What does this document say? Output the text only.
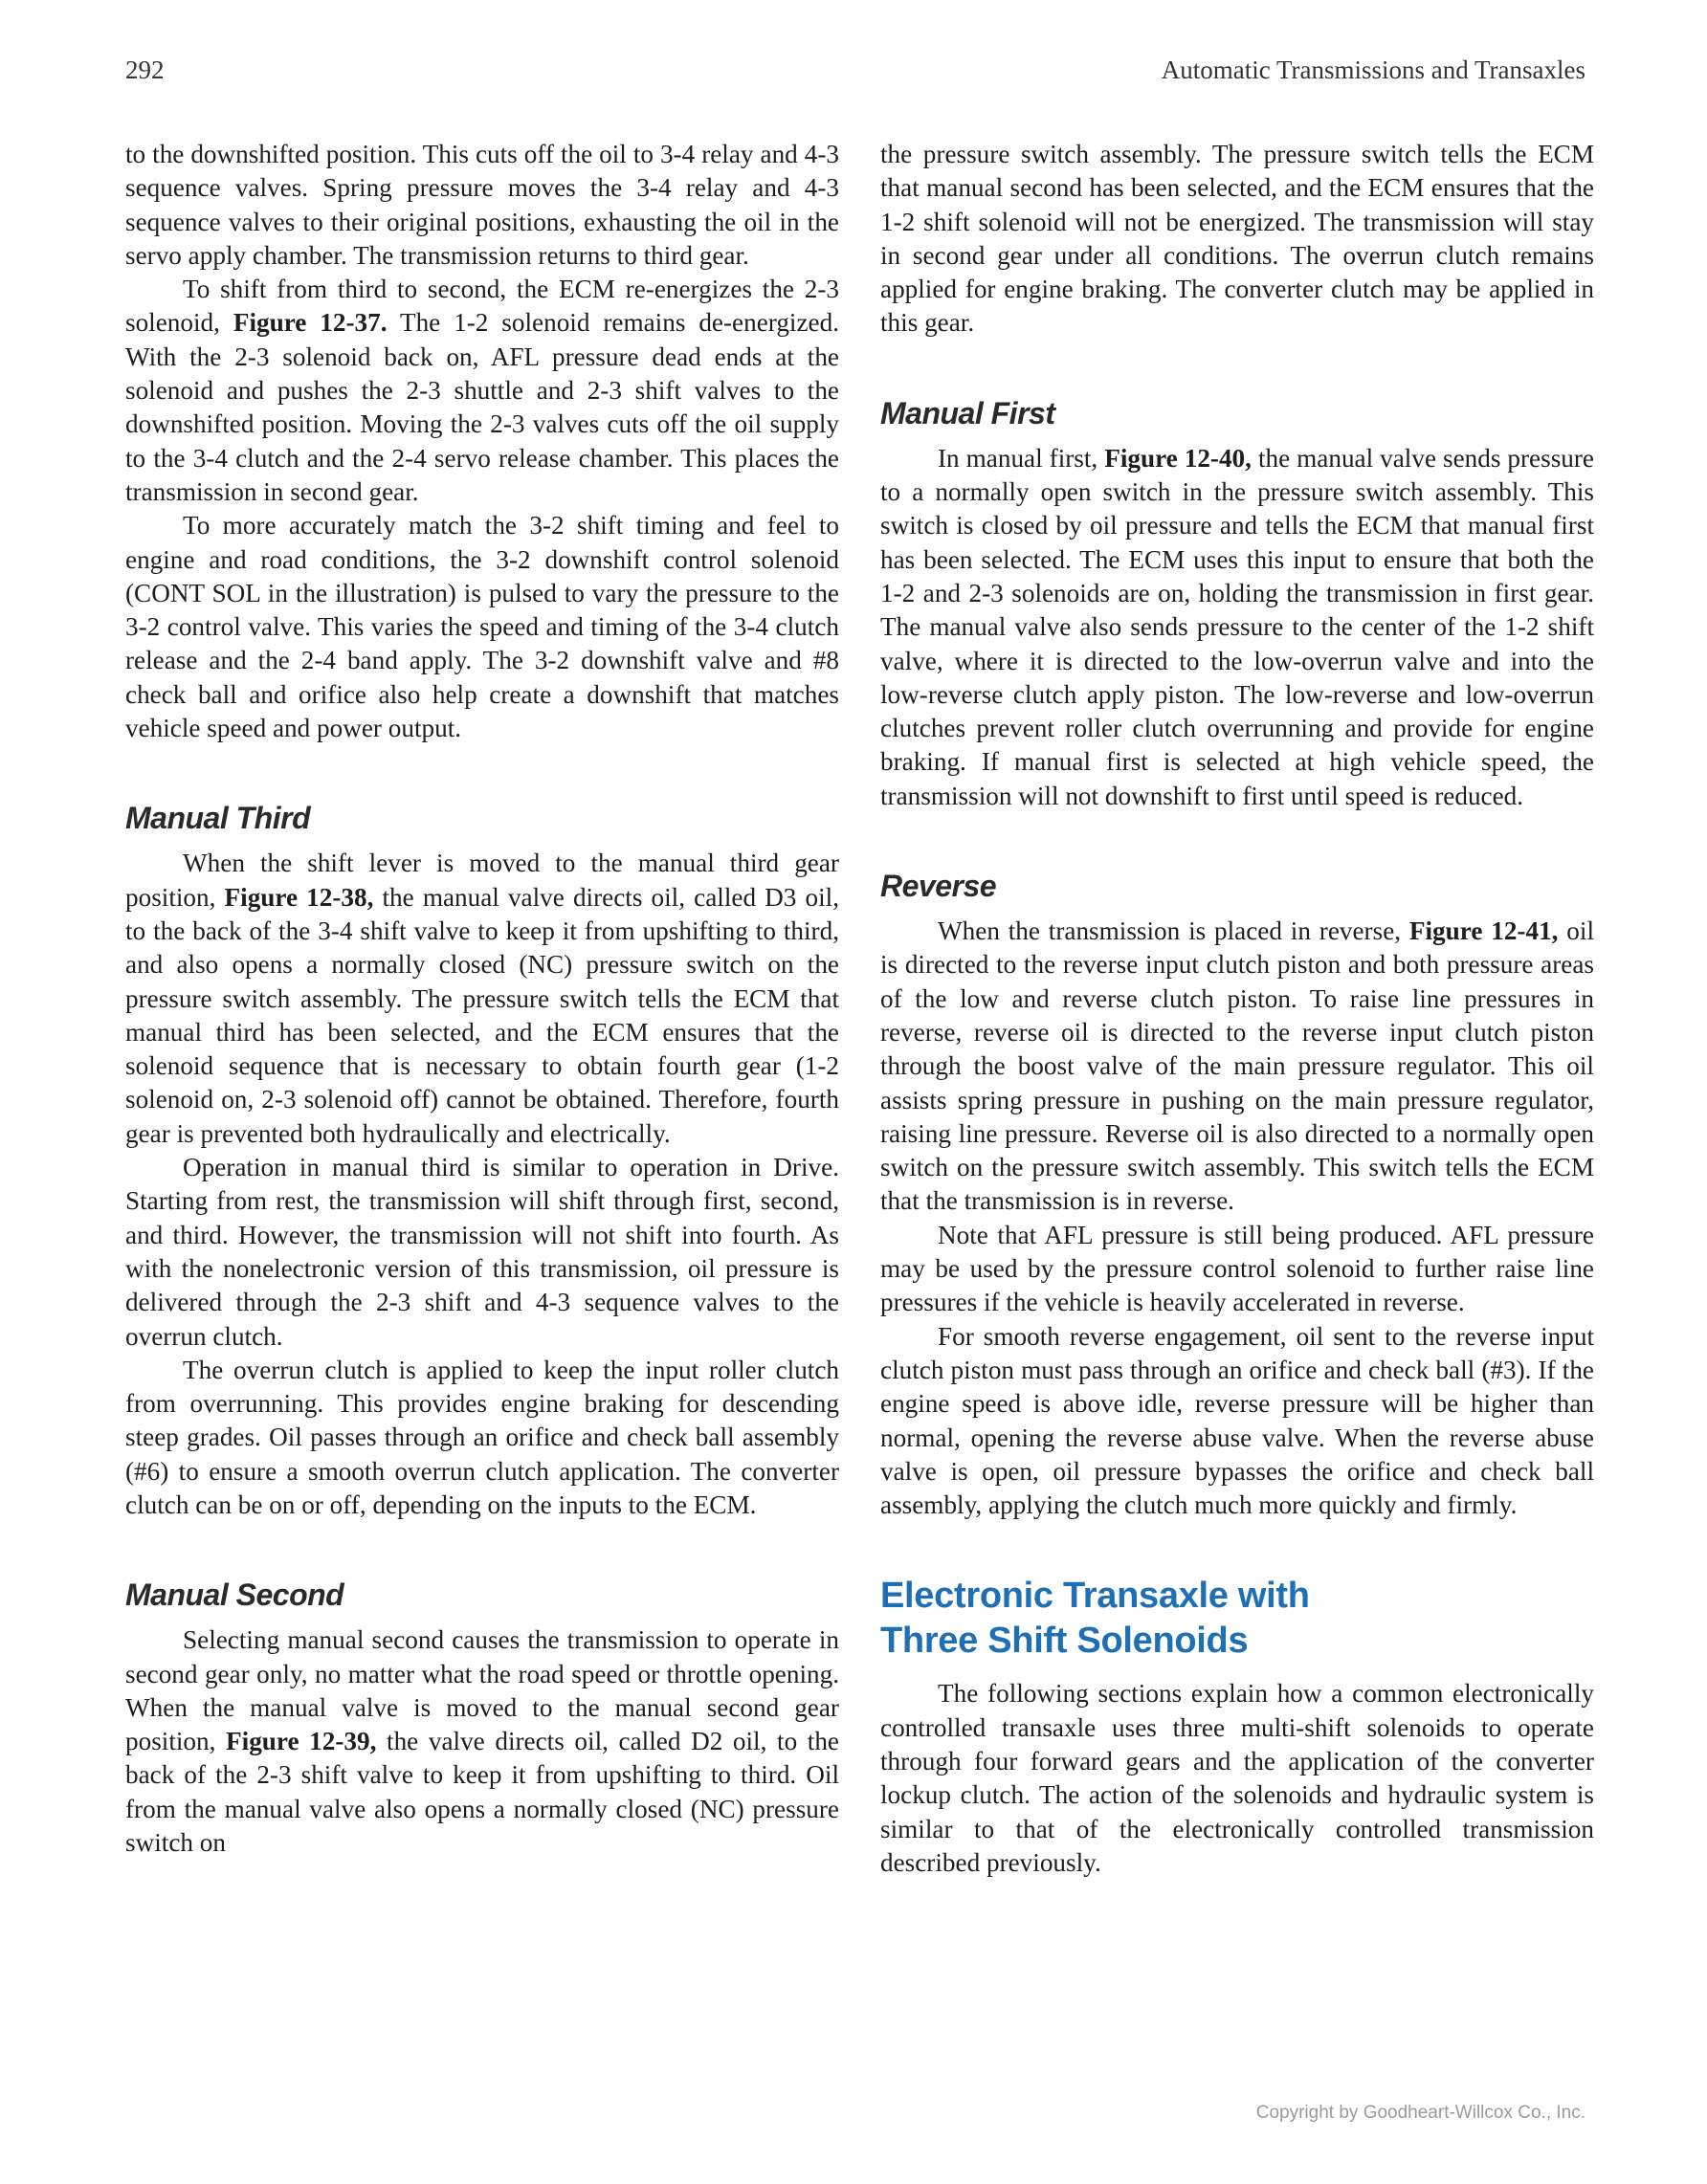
292	Automatic Transmissions and Transaxles

to the downshifted position. This cuts off the oil to 3-4 relay and 4-3 sequence valves. Spring pressure moves the 3-4 relay and 4-3 sequence valves to their original positions, exhausting the oil in the servo apply chamber. The transmission returns to third gear.

To shift from third to second, the ECM re-energizes the 2-3 solenoid, Figure 12-37. The 1-2 solenoid remains de-energized. With the 2-3 solenoid back on, AFL pressure dead ends at the solenoid and pushes the 2-3 shuttle and 2-3 shift valves to the downshifted position. Moving the 2-3 valves cuts off the oil supply to the 3-4 clutch and the 2-4 servo release chamber. This places the transmission in second gear.

To more accurately match the 3-2 shift timing and feel to engine and road conditions, the 3-2 downshift control solenoid (CONT SOL in the illustration) is pulsed to vary the pressure to the 3-2 control valve. This varies the speed and timing of the 3-4 clutch release and the 2-4 band apply. The 3-2 downshift valve and #8 check ball and orifice also help create a downshift that matches vehicle speed and power output.

Manual Third

When the shift lever is moved to the manual third gear position, Figure 12-38, the manual valve directs oil, called D3 oil, to the back of the 3-4 shift valve to keep it from upshifting to third, and also opens a normally closed (NC) pressure switch on the pressure switch assembly. The pressure switch tells the ECM that manual third has been selected, and the ECM ensures that the solenoid sequence that is necessary to obtain fourth gear (1-2 solenoid on, 2-3 solenoid off) cannot be obtained. Therefore, fourth gear is prevented both hydraulically and electrically.

Operation in manual third is similar to operation in Drive. Starting from rest, the transmission will shift through first, second, and third. However, the transmission will not shift into fourth. As with the nonelectronic version of this transmission, oil pressure is delivered through the 2-3 shift and 4-3 sequence valves to the overrun clutch.

The overrun clutch is applied to keep the input roller clutch from overrunning. This provides engine braking for descending steep grades. Oil passes through an orifice and check ball assembly (#6) to ensure a smooth overrun clutch application. The converter clutch can be on or off, depending on the inputs to the ECM.

Manual Second

Selecting manual second causes the transmission to operate in second gear only, no matter what the road speed or throttle opening. When the manual valve is moved to the manual second gear position, Figure 12-39, the valve directs oil, called D2 oil, to the back of the 2-3 shift valve to keep it from upshifting to third. Oil from the manual valve also opens a normally closed (NC) pressure switch on

the pressure switch assembly. The pressure switch tells the ECM that manual second has been selected, and the ECM ensures that the 1-2 shift solenoid will not be energized. The transmission will stay in second gear under all conditions. The overrun clutch remains applied for engine braking. The converter clutch may be applied in this gear.

Manual First

In manual first, Figure 12-40, the manual valve sends pressure to a normally open switch in the pressure switch assembly. This switch is closed by oil pressure and tells the ECM that manual first has been selected. The ECM uses this input to ensure that both the 1-2 and 2-3 solenoids are on, holding the transmission in first gear. The manual valve also sends pressure to the center of the 1-2 shift valve, where it is directed to the low-overrun valve and into the low-reverse clutch apply piston. The low-reverse and low-overrun clutches prevent roller clutch overrunning and provide for engine braking. If manual first is selected at high vehicle speed, the transmission will not downshift to first until speed is reduced.

Reverse

When the transmission is placed in reverse, Figure 12-41, oil is directed to the reverse input clutch piston and both pressure areas of the low and reverse clutch piston. To raise line pressures in reverse, reverse oil is directed to the reverse input clutch piston through the boost valve of the main pressure regulator. This oil assists spring pressure in pushing on the main pressure regulator, raising line pressure. Reverse oil is also directed to a normally open switch on the pressure switch assembly. This switch tells the ECM that the transmission is in reverse.

Note that AFL pressure is still being produced. AFL pressure may be used by the pressure control solenoid to further raise line pressures if the vehicle is heavily accelerated in reverse.

For smooth reverse engagement, oil sent to the reverse input clutch piston must pass through an orifice and check ball (#3). If the engine speed is above idle, reverse pressure will be higher than normal, opening the reverse abuse valve. When the reverse abuse valve is open, oil pressure bypasses the orifice and check ball assembly, applying the clutch much more quickly and firmly.

Electronic Transaxle with
Three Shift Solenoids

The following sections explain how a common electronically controlled transaxle uses three multi-shift solenoids to operate through four forward gears and the application of the converter lockup clutch. The action of the solenoids and hydraulic system is similar to that of the electronically controlled transmission described previously.

Copyright by Goodheart-Willcox Co., Inc.
